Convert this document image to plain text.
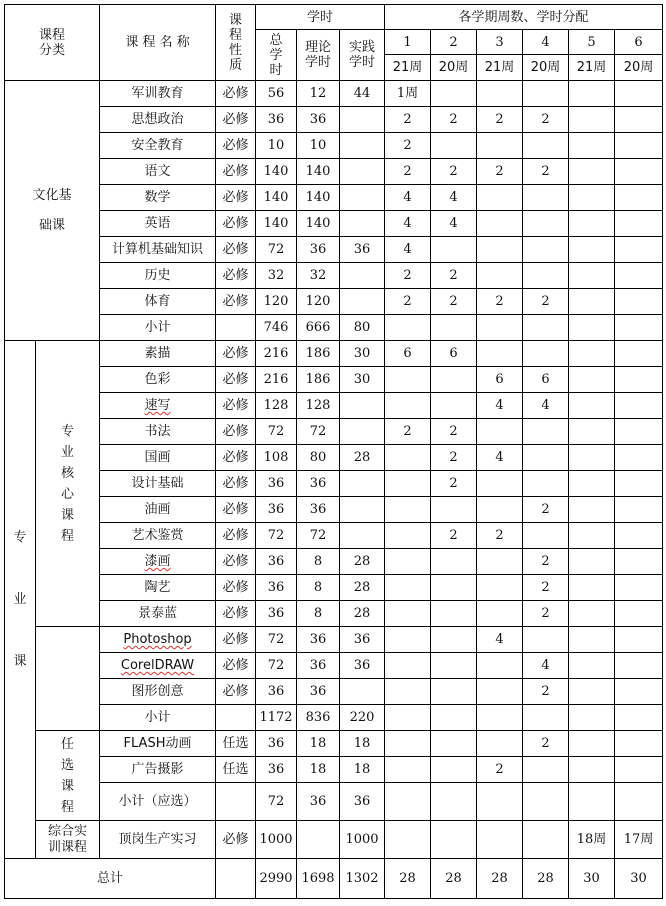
课程分类		课 程 名 称	课程性质	学时			各学期周数、学时分配					
				总学时	理论学时	实践学时	1	2	3	4	5	6
							21周	20周	21周	20周	21周	20周
文化基础课		军训教育	必修	56	12	44	1周					
		思想政治	必修	36	36		2	2	2	2		
		安全教育	必修	10	10		2					
		语文	必修	140	140		2	2	2	2		
		数学	必修	140	140		4	4				
		英语	必修	140	140		4	4				
		计算机基础知识	必修	72	36	36	4					
		历史	必修	32	32		2	2				
		体育	必修	120	120		2	2	2	2		
		小计		746	666	80						
专业课	专业核心课程	素描	必修	216	186	30	6	6				
		色彩	必修	216	186	30			6	6		
		速写	必修	128	128				4	4		
		书法	必修	72	72		2	2				
		国画	必修	108	80	28		2	4			
		设计基础	必修	36	36			2				
		油画	必修	36	36					2		
		艺术鉴赏	必修	72	72			2	2			
		漆画	必修	36	8	28				2		
		陶艺	必修	36	8	28				2		
		景泰蓝	必修	36	8	28				2		
		Photoshop	必修	72	36	36			4			
		CorelDRAW	必修	72	36	36				4		
		图形创意	必修	36	36					2		
		小计		1172	836	220						
	任选课程	FLASH动画	任选	36	18	18				2		
		广告摄影	任选	36	18	18			2			
		小计（应选）		72	36	36						
	综合实训课程	顶岗生产实习	必修	1000		1000					18周	17周
总计				2990	1698	1302	28	28	28	28	30	30
